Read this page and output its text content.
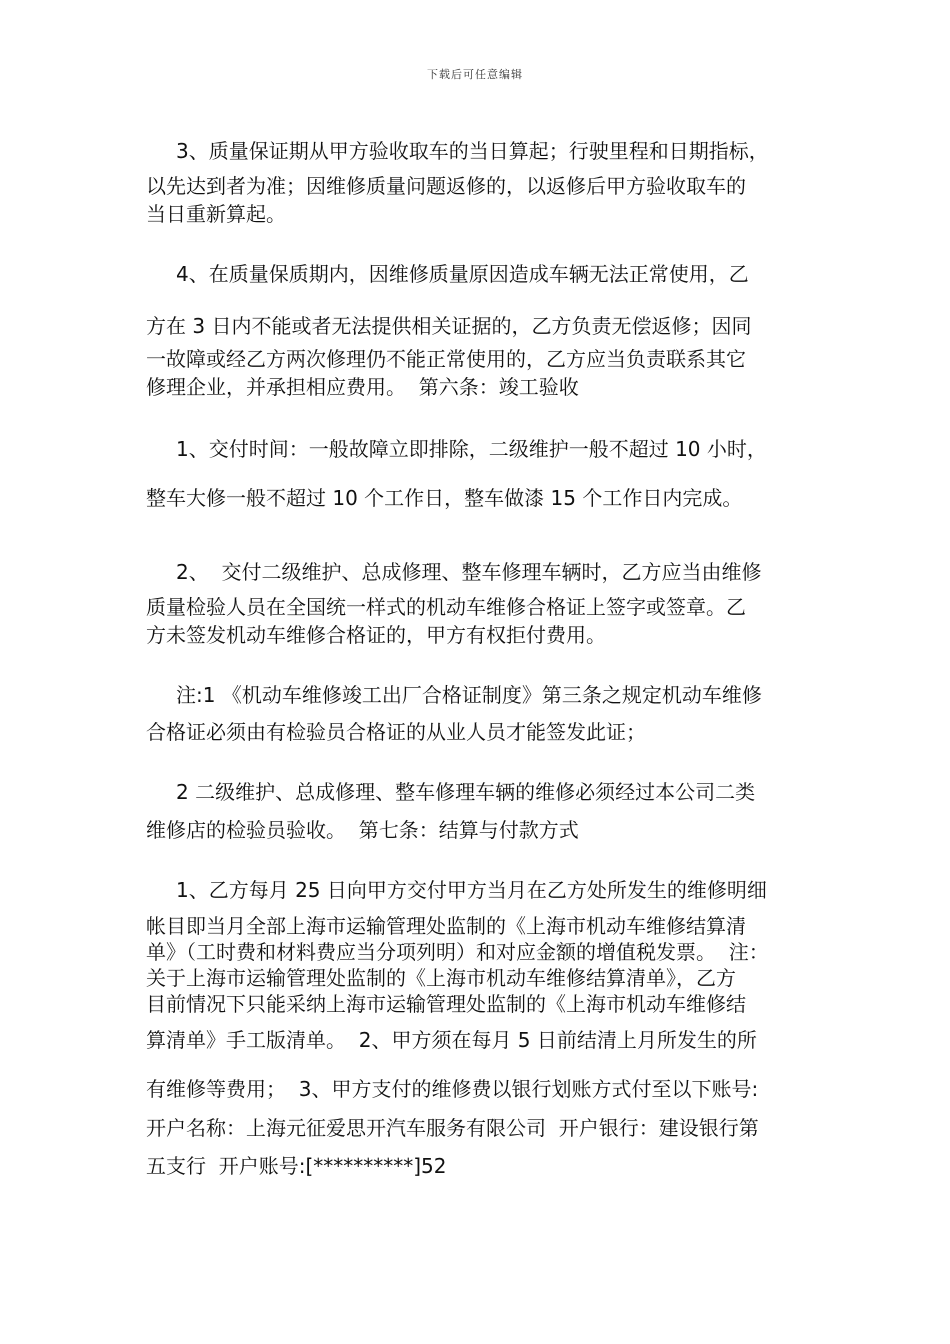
下载后可任意编辑
3、质量保证期从甲方验收取车的当日算起；行驶里程和日期指标，
以先达到者为准；因维修质量问题返修的，以返修后甲方验收取车的
当日重新算起。
4、在质量保质期内，因维修质量原因造成车辆无法正常使用，乙
方在 3 日内不能或者无法提供相关证据的，乙方负责无偿返修；因同
一故障或经乙方两次修理仍不能正常使用的，乙方应当负责联系其它
修理企业，并承担相应费用。  第六条：竣工验收
1、交付时间：一般故障立即排除，二级维护一般不超过 10 小时，
整车大修一般不超过 10 个工作日，整车做漆 15 个工作日内完成。
2、  交付二级维护、总成修理、整车修理车辆时，乙方应当由维修
质量检验人员在全国统一样式的机动车维修合格证上签字或签章。乙
方未签发机动车维修合格证的，甲方有权拒付费用。
注:1 《机动车维修竣工出厂合格证制度》第三条之规定机动车维修
合格证必须由有检验员合格证的从业人员才能签发此证；
2 二级维护、总成修理、整车修理车辆的维修必须经过本公司二类
维修店的检验员验收。  第七条：结算与付款方式
1、乙方每月 25 日向甲方交付甲方当月在乙方处所发生的维修明细
帐目即当月全部上海市运输管理处监制的《上海市机动车维修结算清
单》（工时费和材料费应当分项列明）和对应金额的增值税发票。  注：
关于上海市运输管理处监制的《上海市机动车维修结算清单》，乙方
目前情况下只能采纳上海市运输管理处监制的《上海市机动车维修结
算清单》手工版清单。  2、甲方须在每月 5 日前结清上月所发生的所
有维修等费用；  3、甲方支付的维修费以银行划账方式付至以下账号:
开户名称：上海元征爱思开汽车服务有限公司  开户银行：建设银行第
五支行  开户账号:[**********]52
